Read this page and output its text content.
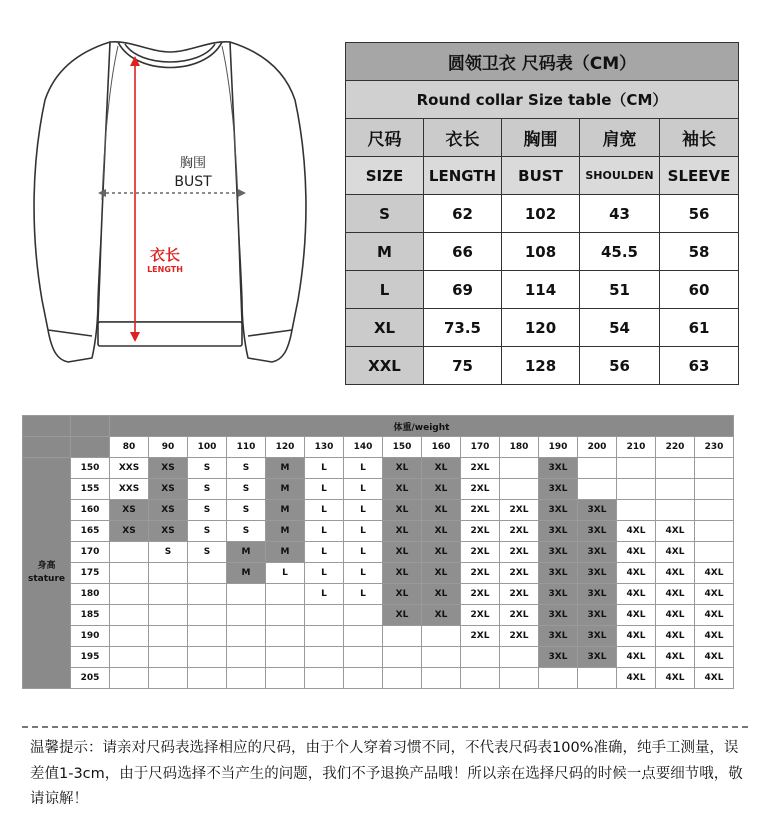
胸围
BUST
衣长
LENGTH
圆领卫衣 尺码表（CM）				
Round collar Size table（CM）				
尺码	衣长	胸围	肩宽	袖长
SIZE	LENGTH	BUST	SHOULDEN	SLEEVE
S	62	102	43	56
M	66	108	45.5	58
L	69	114	51	60
XL	73.5	120	54	61
XXL	75	128	56	63
		体重/weight															
		80	90	100	110	120	130	140	150	160	170	180	190	200	210	220	230

身高
stature	150	XXS	XS	S	S	M	L	L	XL	XL	2XL		3XL				
	155	XXS	XS	S	S	M	L	L	XL	XL	2XL		3XL				
	160	XS	XS	S	S	M	L	L	XL	XL	2XL	2XL	3XL	3XL			
	165	XS	XS	S	S	M	L	L	XL	XL	2XL	2XL	3XL	3XL	4XL	4XL	
	170		S	S	M	M	L	L	XL	XL	2XL	2XL	3XL	3XL	4XL	4XL	
	175				M	L	L	L	XL	XL	2XL	2XL	3XL	3XL	4XL	4XL	4XL
	180						L	L	XL	XL	2XL	2XL	3XL	3XL	4XL	4XL	4XL
	185								XL	XL	2XL	2XL	3XL	3XL	4XL	4XL	4XL
	190										2XL	2XL	3XL	3XL	4XL	4XL	4XL
	195												3XL	3XL	4XL	4XL	4XL
	205														4XL	4XL	4XL
温馨提示：请亲对尺码表选择相应的尺码，由于个人穿着习惯不同，不代表尺码表100%准确，纯手工测量，误差值1-3cm，由于尺码选择不当产生的问题，我们不予退换产品哦！所以亲在选择尺码的时候一点要细节哦，敬请谅解！
